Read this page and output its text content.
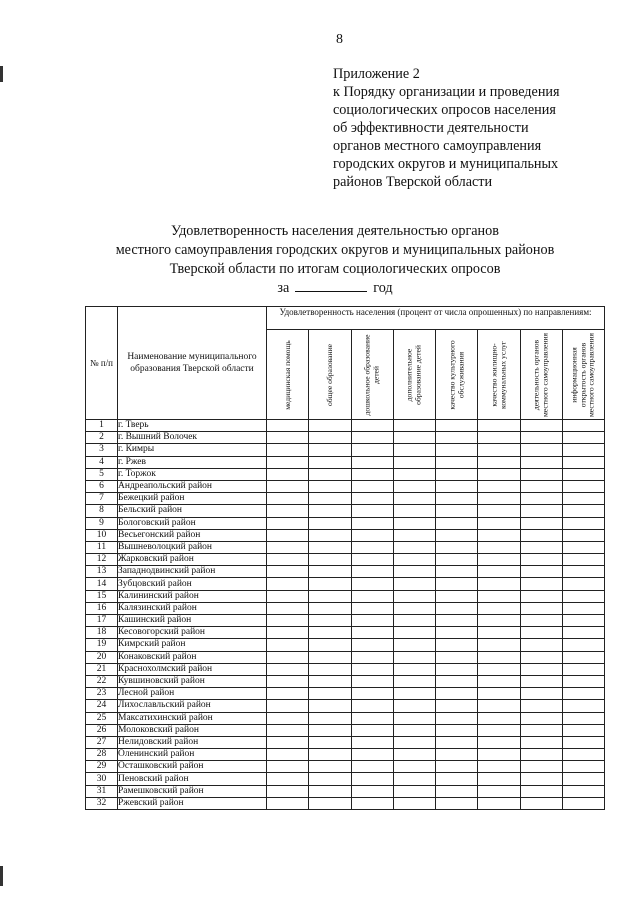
8
Приложение 2
к Порядку организации и проведения
социологических опросов населения
об эффективности деятельности
органов местного самоуправления
городских округов и муниципальных
районов Тверской области
Удовлетворенность населения деятельностью органов
местного самоуправления городских округов и муниципальных районов
Тверской области по итогам социологических опросов
за	год
№ п/п	Наименование муниципального образования Тверской области	Удовлетворенность населения (процент от числа опрошенных) по направлениям:							

		медицинская помощь	общее образование	дошкольное образование детей	дополнительное образование детей	качество культурного обслуживания	качество жилищно-коммунальных услуг	деятельность органов местного самоуправления	информационная открытость органов местного самоуправления

1	г. Тверь								
2	г. Вышний Волочек								
3	г. Кимры								
4	г. Ржев								
5	г. Торжок								
6	Андреапольский район								
7	Бежецкий район								
8	Бельский район								
9	Бологовский район								
10	Весьегонский район								
11	Вышневолоцкий район								
12	Жарковский район								
13	Западнодвинский район								
14	Зубцовский район								
15	Калининский район								
16	Калязинский район								
17	Кашинский район								
18	Кесовогорский район								
19	Кимрский район								
20	Конаковский район								
21	Краснохолмский район								
22	Кувшиновский район								
23	Лесной район								
24	Лихославльский район								
25	Максатихинский район								
26	Молоковский район								
27	Нелидовский район								
28	Оленинский район								
29	Осташковский район								
30	Пеновский район								
31	Рамешковский район								
32	Ржевский район								
